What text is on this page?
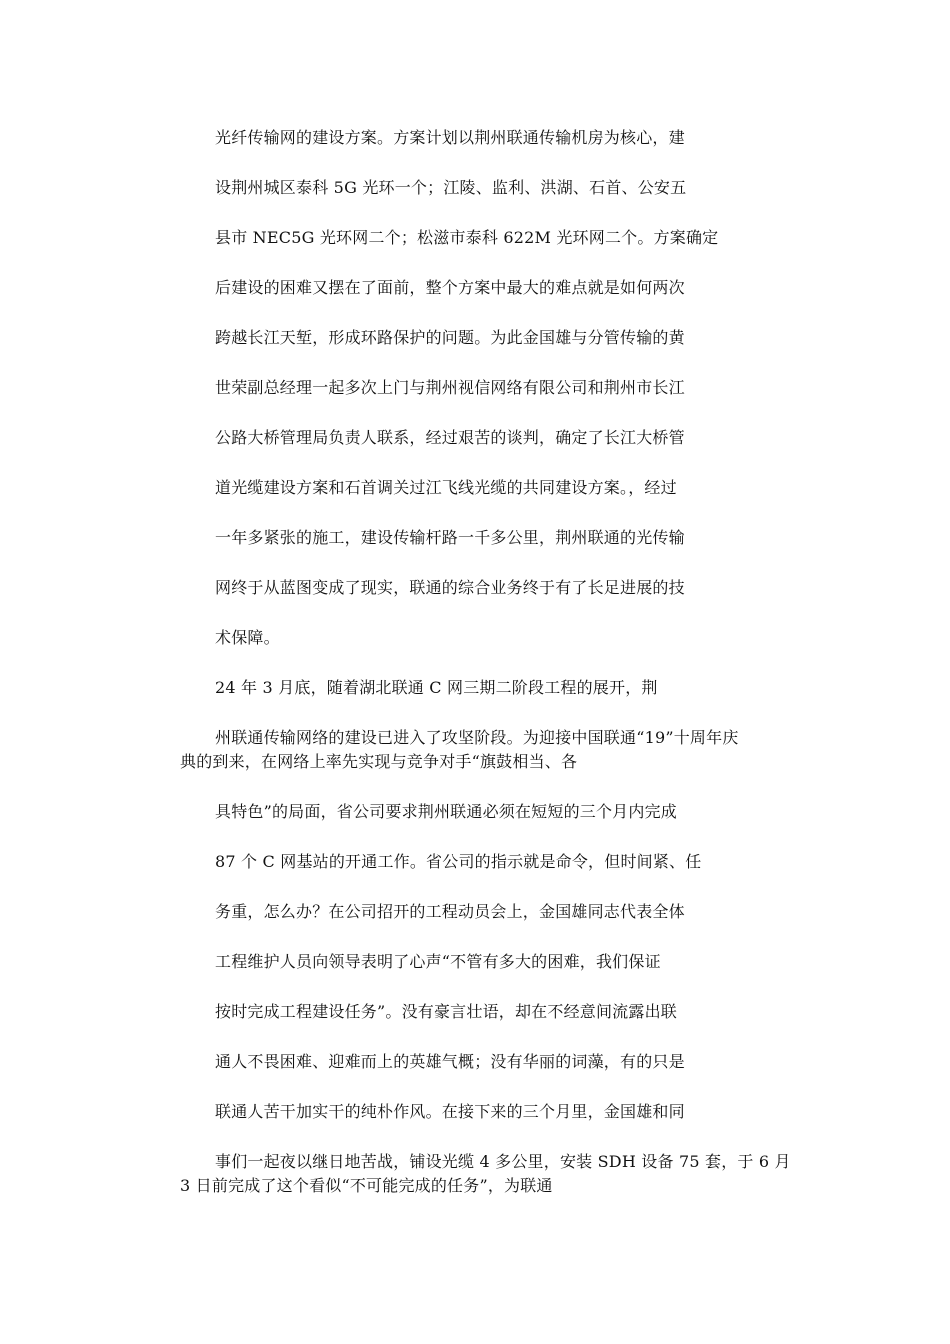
光纤传输网的建设方案。方案计划以荆州联通传输机房为核心，建
设荆州城区泰科 5G 光环一个；江陵、监利、洪湖、石首、公安五
县市 NEC5G 光环网二个；松滋市泰科 622M 光环网二个。方案确定
后建设的困难又摆在了面前，整个方案中最大的难点就是如何两次
跨越长江天堑，形成环路保护的问题。为此金国雄与分管传输的黄
世荣副总经理一起多次上门与荆州视信网络有限公司和荆州市长江
公路大桥管理局负责人联系，经过艰苦的谈判，确定了长江大桥管
道光缆建设方案和石首调关过江飞线光缆的共同建设方案。，经过
一年多紧张的施工，建设传输杆路一千多公里，荆州联通的光传输
网终于从蓝图变成了现实，联通的综合业务终于有了长足进展的技
术保障。
24 年 3 月底，随着湖北联通 C 网三期二阶段工程的展开，荆
州联通传输网络的建设已进入了攻坚阶段。为迎接中国联通“19”十周年庆
典的到来，在网络上率先实现与竞争对手“旗鼓相当、各
具特色”的局面，省公司要求荆州联通必须在短短的三个月内完成
87 个 C 网基站的开通工作。省公司的指示就是命令，但时间紧、任
务重，怎么办？在公司招开的工程动员会上，金国雄同志代表全体
工程维护人员向领导表明了心声“不管有多大的困难，我们保证
按时完成工程建设任务”。没有豪言壮语，却在不经意间流露出联
通人不畏困难、迎难而上的英雄气概；没有华丽的词藻，有的只是
联通人苦干加实干的纯朴作风。在接下来的三个月里，金国雄和同
事们一起夜以继日地苦战，铺设光缆 4 多公里，安装 SDH 设备 75 套，于 6 月
3 日前完成了这个看似“不可能完成的任务”，为联通
